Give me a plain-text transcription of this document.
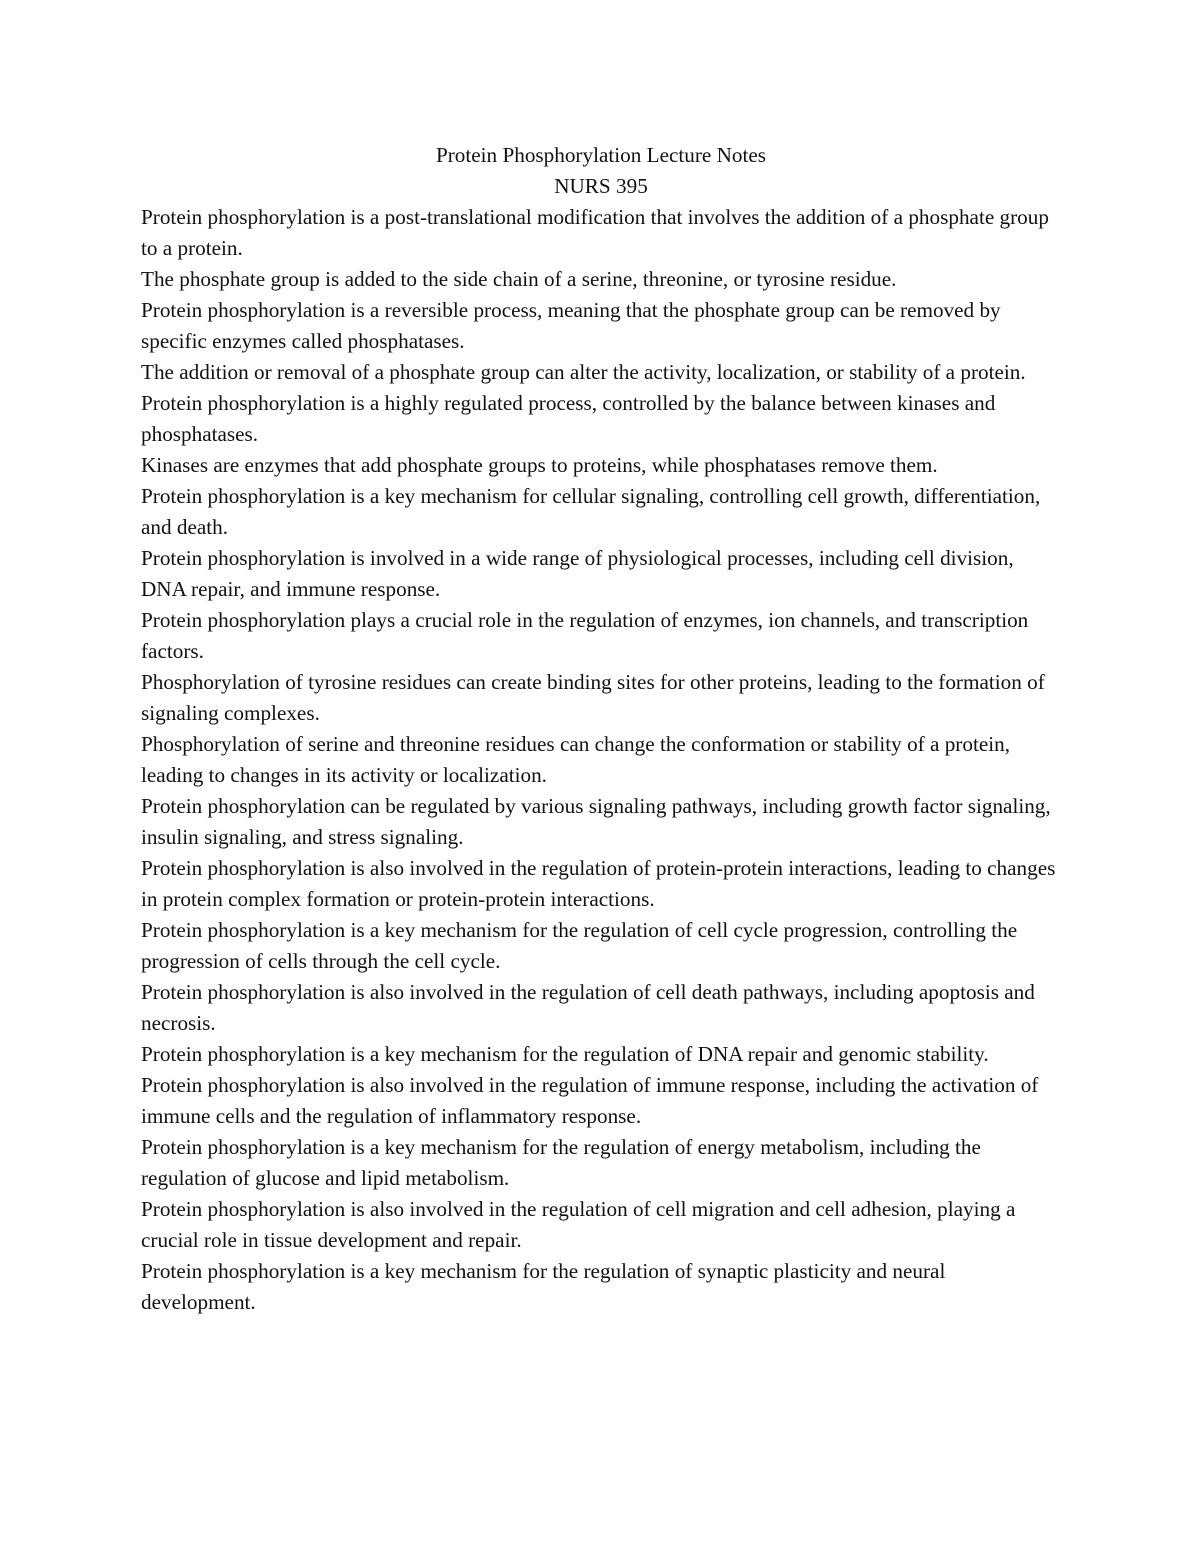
Protein Phosphorylation Lecture Notes

NURS 395

Protein phosphorylation is a post-translational modification that involves the addition of a phosphate group to a protein.

The phosphate group is added to the side chain of a serine, threonine, or tyrosine residue.

Protein phosphorylation is a reversible process, meaning that the phosphate group can be removed by specific enzymes called phosphatases.

The addition or removal of a phosphate group can alter the activity, localization, or stability of a protein.

Protein phosphorylation is a highly regulated process, controlled by the balance between kinases and phosphatases.

Kinases are enzymes that add phosphate groups to proteins, while phosphatases remove them.

Protein phosphorylation is a key mechanism for cellular signaling, controlling cell growth, differentiation, and death.

Protein phosphorylation is involved in a wide range of physiological processes, including cell division, DNA repair, and immune response.

Protein phosphorylation plays a crucial role in the regulation of enzymes, ion channels, and transcription factors.

Phosphorylation of tyrosine residues can create binding sites for other proteins, leading to the formation of signaling complexes.

Phosphorylation of serine and threonine residues can change the conformation or stability of a protein, leading to changes in its activity or localization.

Protein phosphorylation can be regulated by various signaling pathways, including growth factor signaling, insulin signaling, and stress signaling.

Protein phosphorylation is also involved in the regulation of protein-protein interactions, leading to changes in protein complex formation or protein-protein interactions.

Protein phosphorylation is a key mechanism for the regulation of cell cycle progression, controlling the progression of cells through the cell cycle.

Protein phosphorylation is also involved in the regulation of cell death pathways, including apoptosis and necrosis.

Protein phosphorylation is a key mechanism for the regulation of DNA repair and genomic stability.

Protein phosphorylation is also involved in the regulation of immune response, including the activation of immune cells and the regulation of inflammatory response.

Protein phosphorylation is a key mechanism for the regulation of energy metabolism, including the regulation of glucose and lipid metabolism.

Protein phosphorylation is also involved in the regulation of cell migration and cell adhesion, playing a crucial role in tissue development and repair.

Protein phosphorylation is a key mechanism for the regulation of synaptic plasticity and neural development.
